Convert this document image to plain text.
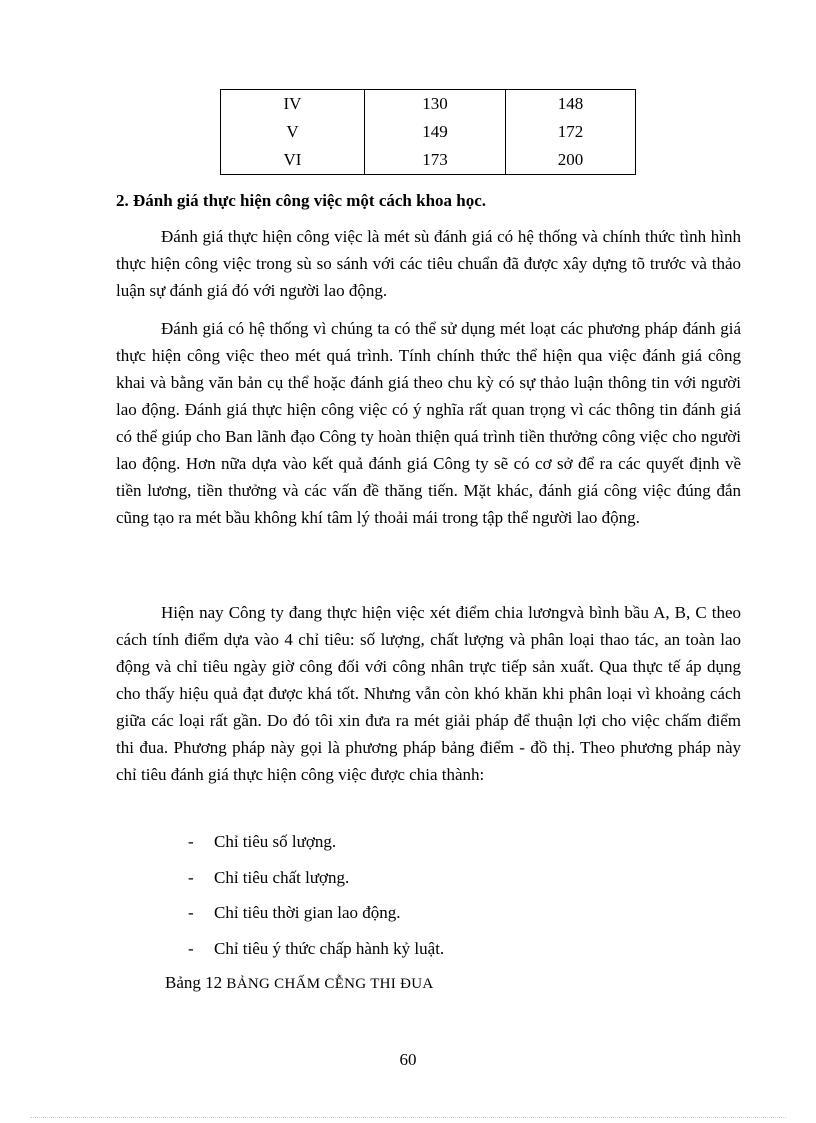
IV	130	148
V	149	172
VI	173	200
2. Đánh giá thực hiện công việc một cách khoa học.

Đánh giá thực hiện công việc là mét sù đánh giá có hệ thống và chính thức tình hình thực hiện công việc trong sù so sánh với các tiêu chuẩn đã được xây dựng tõ trước và thảo luận sự đánh giá đó với người lao động.

Đánh giá có hệ thống vì chúng ta có thể sử dụng mét loạt các phương pháp đánh giá thực hiện công việc theo mét quá trình. Tính chính thức thể hiện qua việc đánh giá công khai và bằng văn bản cụ thể hoặc đánh giá theo chu kỳ có sự thảo luận thông tin với người lao động. Đánh giá thực hiện công việc có ý nghĩa rất quan trọng vì các thông tin đánh giá có thể giúp cho Ban lãnh đạo Công ty hoàn thiện quá trình tiền thưởng công việc cho người lao động. Hơn nữa dựa vào kết quả đánh giá Công ty sẽ có cơ sở để ra các quyết định về tiền lương, tiền thưởng và các vấn đề thăng tiến. Mặt khác, đánh giá công việc đúng đắn cũng tạo ra mét bầu không khí tâm lý thoải mái trong tập thể người lao động.

Hiện nay Công ty đang thực hiện việc xét điểm chia lươngvà bình bầu A, B, C theo cách tính điểm dựa vào 4 chỉ tiêu: số lượng, chất lượng và phân loại thao tác, an toàn lao động và chỉ tiêu ngày giờ công đối với công nhân trực tiếp sản xuất. Qua thực tế áp dụng cho thấy hiệu quả đạt được khá tốt. Nhưng vẫn còn khó khăn khi phân loại vì khoảng cách giữa các loại rất gần. Do đó tôi xin đưa ra mét giải pháp để thuận lợi cho việc chấm điểm thi đua. Phương pháp này gọi là phương pháp bảng điểm - đồ thị. Theo phương pháp này chỉ tiêu đánh giá thực hiện công việc được chia thành:

- Chỉ tiêu số lượng.
- Chỉ tiêu chất lượng.
- Chỉ tiêu thời gian lao động.
- Chỉ tiêu ý thức chấp hành kỷ luật.
Bảng 12 BẢNG CHẤM CỄNG THI ĐUA
60
